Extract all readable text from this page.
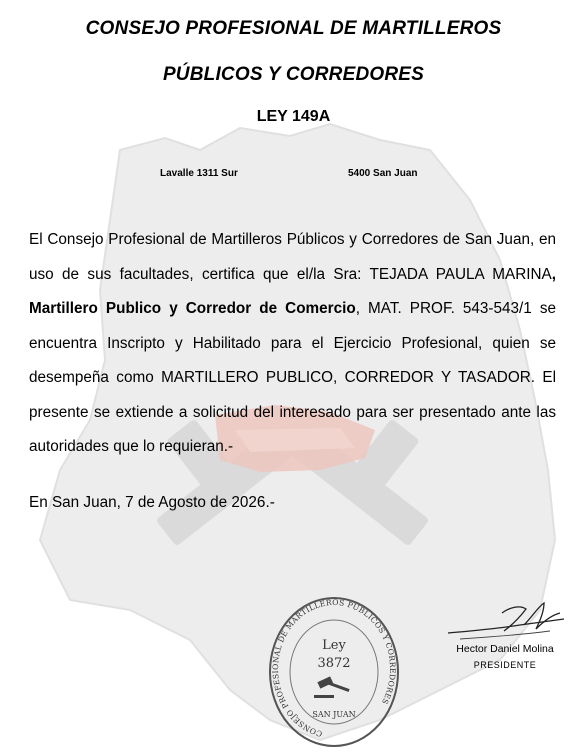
CONSEJO PROFESIONAL DE MARTILLEROS
PÚBLICOS Y CORREDORES
LEY 149A
Lavalle 1311 Sur	5400 San Juan
El Consejo Profesional de Martilleros Públicos y Corredores de San Juan, en uso de sus facultades, certifica que el/la Sra: TEJADA PAULA MARINA, Martillero Publico y Corredor de Comercio, MAT. PROF. 543-543/1 se encuentra Inscripto y Habilitado para el Ejercicio Profesional, quien se desempeña como MARTILLERO PUBLICO, CORREDOR Y TASADOR. El presente se extiende a solicitud del interesado para ser presentado ante las autoridades que lo requieran.-
En San Juan, 7 de Agosto de 2026.-
Hector Daniel Molina
PRESIDENTE
CONSEJO PROFESIONAL DE MARTILLEROS PUBLICOS Y CORREDORES
Ley
3872
SAN JUAN
